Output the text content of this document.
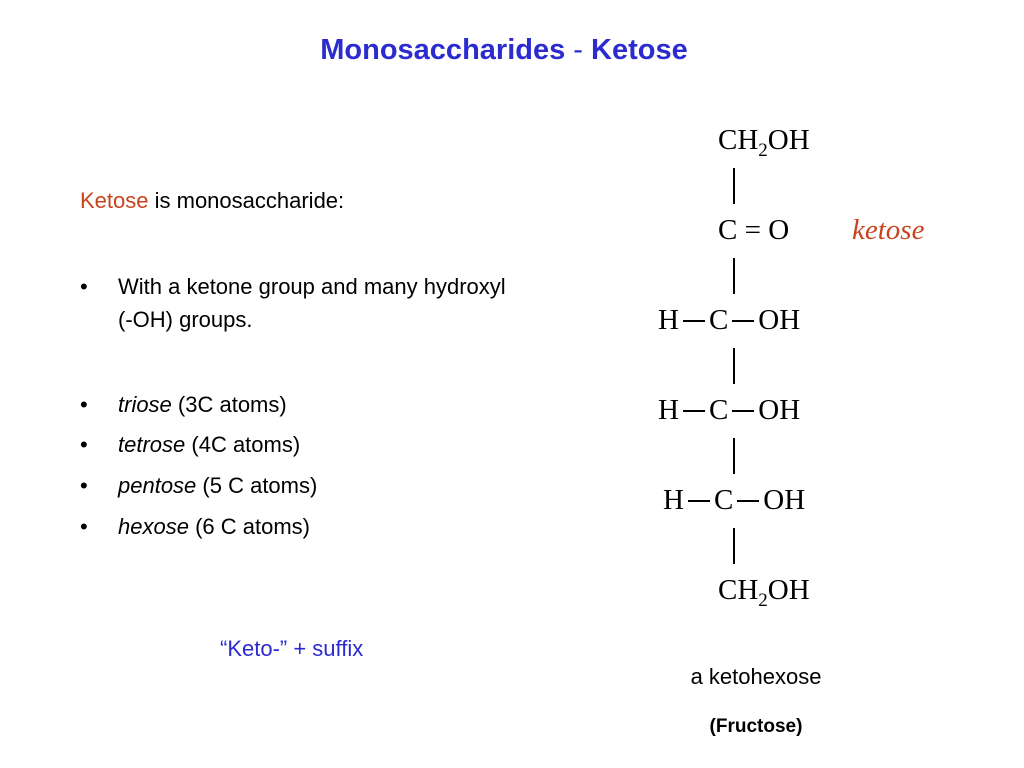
Monosaccharides - Ketose
Ketose is monosaccharide:
•	With a ketone group and many hydroxyl (-OH) groups.
•	triose (3C atoms)
•	tetrose (4C atoms)
•	pentose (5 C atoms)
•	hexose (6 C atoms)
“Keto-” + suffix
$CH_2OH$
C = O
H C OH
H C OH
H C OH
$CH_2OH$
ketose
a ketohexose
(Fructose)
